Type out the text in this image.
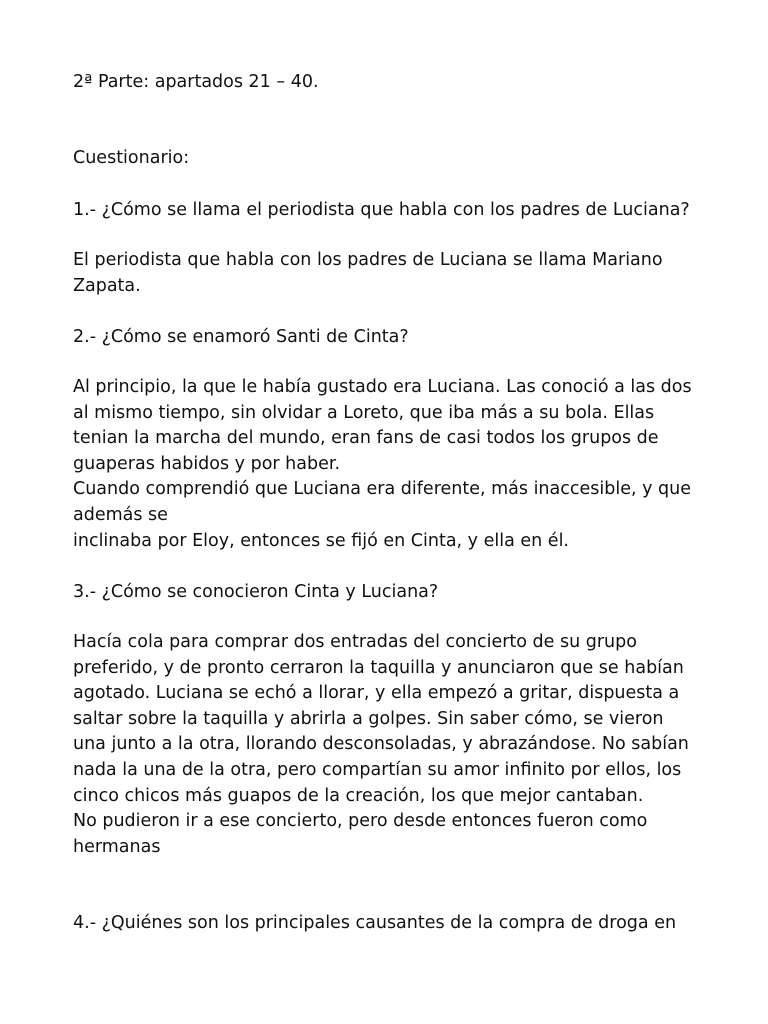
2ª Parte: apartados 21 – 40.

Cuestionario:

1.- ¿Cómo se llama el periodista que habla con los padres de Luciana?

El periodista que habla con los padres de Luciana se llama Mariano
Zapata.

2.- ¿Cómo se enamoró Santi de Cinta?

Al principio, la que le había gustado era Luciana. Las conoció a las dos
al mismo tiempo, sin olvidar a Loreto, que iba más a su bola. Ellas
tenian la marcha del mundo, eran fans de casi todos los grupos de
guaperas habidos y por haber.
Cuando comprendió que Luciana era diferente, más inaccesible, y que
además se
inclinaba por Eloy, entonces se fijó en Cinta, y ella en él.

3.- ¿Cómo se conocieron Cinta y Luciana?

Hacía cola para comprar dos entradas del concierto de su grupo
preferido, y de pronto cerraron la taquilla y anunciaron que se habían
agotado. Luciana se echó a llorar, y ella empezó a gritar, dispuesta a
saltar sobre la taquilla y abrirla a golpes. Sin saber cómo, se vieron
una junto a la otra, llorando desconsoladas, y abrazándose. No sabían
nada la una de la otra, pero compartían su amor infinito por ellos, los
cinco chicos más guapos de la creación, los que mejor cantaban.
No pudieron ir a ese concierto, pero desde entonces fueron como
hermanas

4.- ¿Quiénes son los principales causantes de la compra de droga en
